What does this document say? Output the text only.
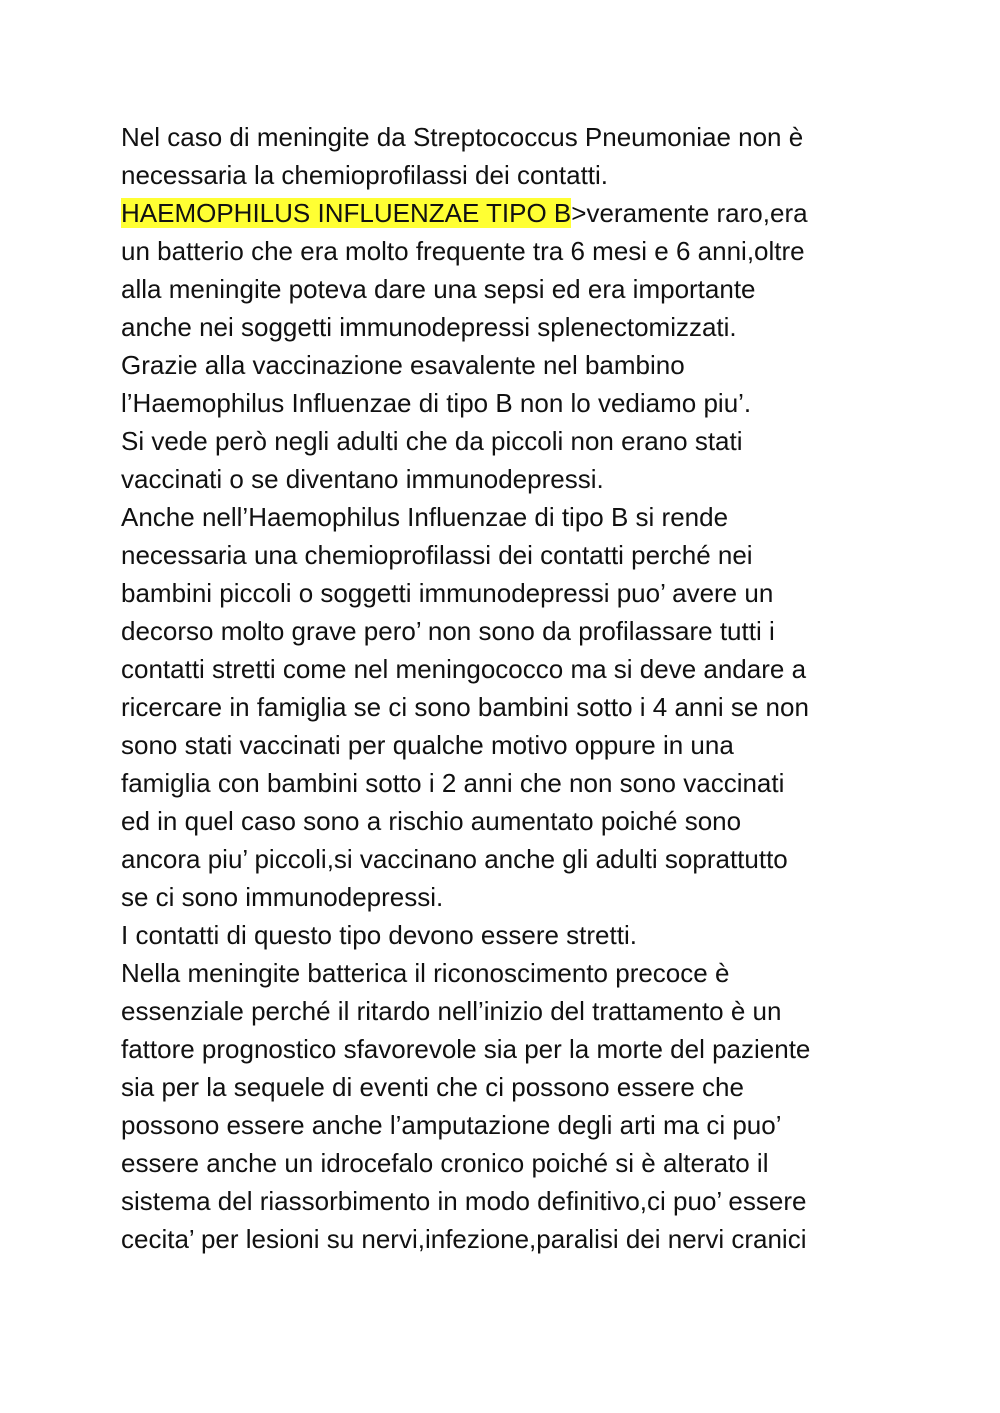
Nel caso di meningite da Streptococcus Pneumoniae non è
necessaria la chemioprofilassi dei contatti.
HAEMOPHILUS INFLUENZAE TIPO B>veramente raro,era
un batterio che era molto frequente tra 6 mesi e 6 anni,oltre
alla meningite poteva dare una sepsi ed era importante
anche nei soggetti immunodepressi splenectomizzati.
Grazie alla vaccinazione esavalente nel bambino
l’Haemophilus Influenzae di tipo B non lo vediamo piu’.
Si vede però negli adulti che da piccoli non erano stati
vaccinati o se diventano immunodepressi.
Anche nell’Haemophilus Influenzae di tipo B si rende
necessaria una chemioprofilassi dei contatti perché nei
bambini piccoli o soggetti immunodepressi puo’ avere un
decorso molto grave pero’ non sono da profilassare tutti i
contatti stretti come nel meningococco ma si deve andare a
ricercare in famiglia se ci sono bambini sotto i 4 anni se non
sono stati vaccinati per qualche motivo oppure in una
famiglia con bambini sotto i 2 anni che non sono vaccinati
ed in quel caso sono a rischio aumentato poiché sono
ancora piu’ piccoli,si vaccinano anche gli adulti soprattutto
se ci sono immunodepressi.
I contatti di questo tipo devono essere stretti.
Nella meningite batterica il riconoscimento precoce è
essenziale perché il ritardo nell’inizio del trattamento è un
fattore prognostico sfavorevole sia per la morte del paziente
sia per la sequele di eventi che ci possono essere che
possono essere anche l’amputazione degli arti ma ci puo’
essere anche un idrocefalo cronico poiché si è alterato il
sistema del riassorbimento in modo definitivo,ci puo’ essere
cecita’ per lesioni su nervi,infezione,paralisi dei nervi cranici
